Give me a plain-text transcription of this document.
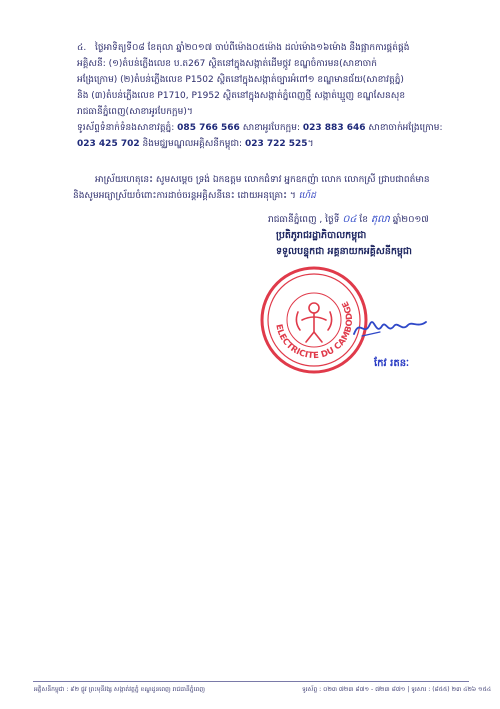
៤. ថ្ងៃអាទិត្យទី០៨ ខែតុលា ឆ្នាំ២០១៧ ចាប់ពីម៉ោង០៥ម៉ោង ដល់ម៉ោង១៦ម៉ោង នឹងផ្អាកការផ្គត់ផ្គង់
អគ្គិសនី: (១)តំបន់ភ្លើងលេខ ប.ត267 ស្ថិតនៅក្នុងសង្កាត់ដើមថ្កូវ ខណ្ឌចំការមន(សាខាចាក់
អង្រែក្រោម) (២)តំបន់ភ្លើងលេខ P1502 ស្ថិតនៅក្នុងសង្កាត់ច្បារអំពៅ១ ខណ្ឌមានជ័យ(សាខាវត្តភ្នំ)
និង (៣)តំបន់ភ្លើងលេខ P1710, P1952 ស្ថិតនៅក្នុងសង្កាត់ភ្នំពេញថ្មី សង្កាត់ឃ្មួញ ខណ្ឌសែនសុខ
រាជធានីភ្នំពេញ(សាខាអូរបែកក្អម)។
ទូរស័ព្ទទំនាក់ទំនងសាខាវត្តភ្នំ: 085 766 566 សាខាអូរបែកក្អម: 023 883 646 សាខាចាក់អង្រែក្រោម:
023 425 702 និងមជ្ឈមណ្ឌលអគ្គិសនីកម្ពុជា: 023 722 525។
អាស្រ័យហេតុនេះ សូមសម្ដេច ទ្រង់ ឯកឧត្តម លោកជំទាវ អ្នកឧកញ៉ា លោក លោកស្រី ជ្រាបជាពត៌មាន
និងសូមអធ្យាស្រ័យចំពោះការដាច់ចរន្តអគ្គិសនីនេះ ដោយអនុគ្រោះ ។ ហេ៍ដ
រាជធានីភ្នំពេញ , ថ្ងៃទី ០៤ ខែ តុលា ឆ្នាំ២០១៧
ប្រតិភូរាជរដ្ឋាភិបាលកម្ពុជា
ទទួលបន្ទុកជា អគ្គនាយកអគ្គិសនីកម្ពុជា
ELECTRICITE DU CAMBODGE
កែវ រតនៈ
អគ្គិសនីកម្ពុជា : ៩២ ផ្លូវ ព្រះមុនីវង្ស សង្កាត់វត្តភ្នំ ខណ្ឌដូនពេញ រាជធានីភ្នំពេញ	ទូរស័ព្ទ : ០២៣ ៧២៣ ៨៧១ - ៧២៣ ៨៧១ | ទូរសារ : (៨៥៥) ២៣ ៤២៦ ១៥៤
